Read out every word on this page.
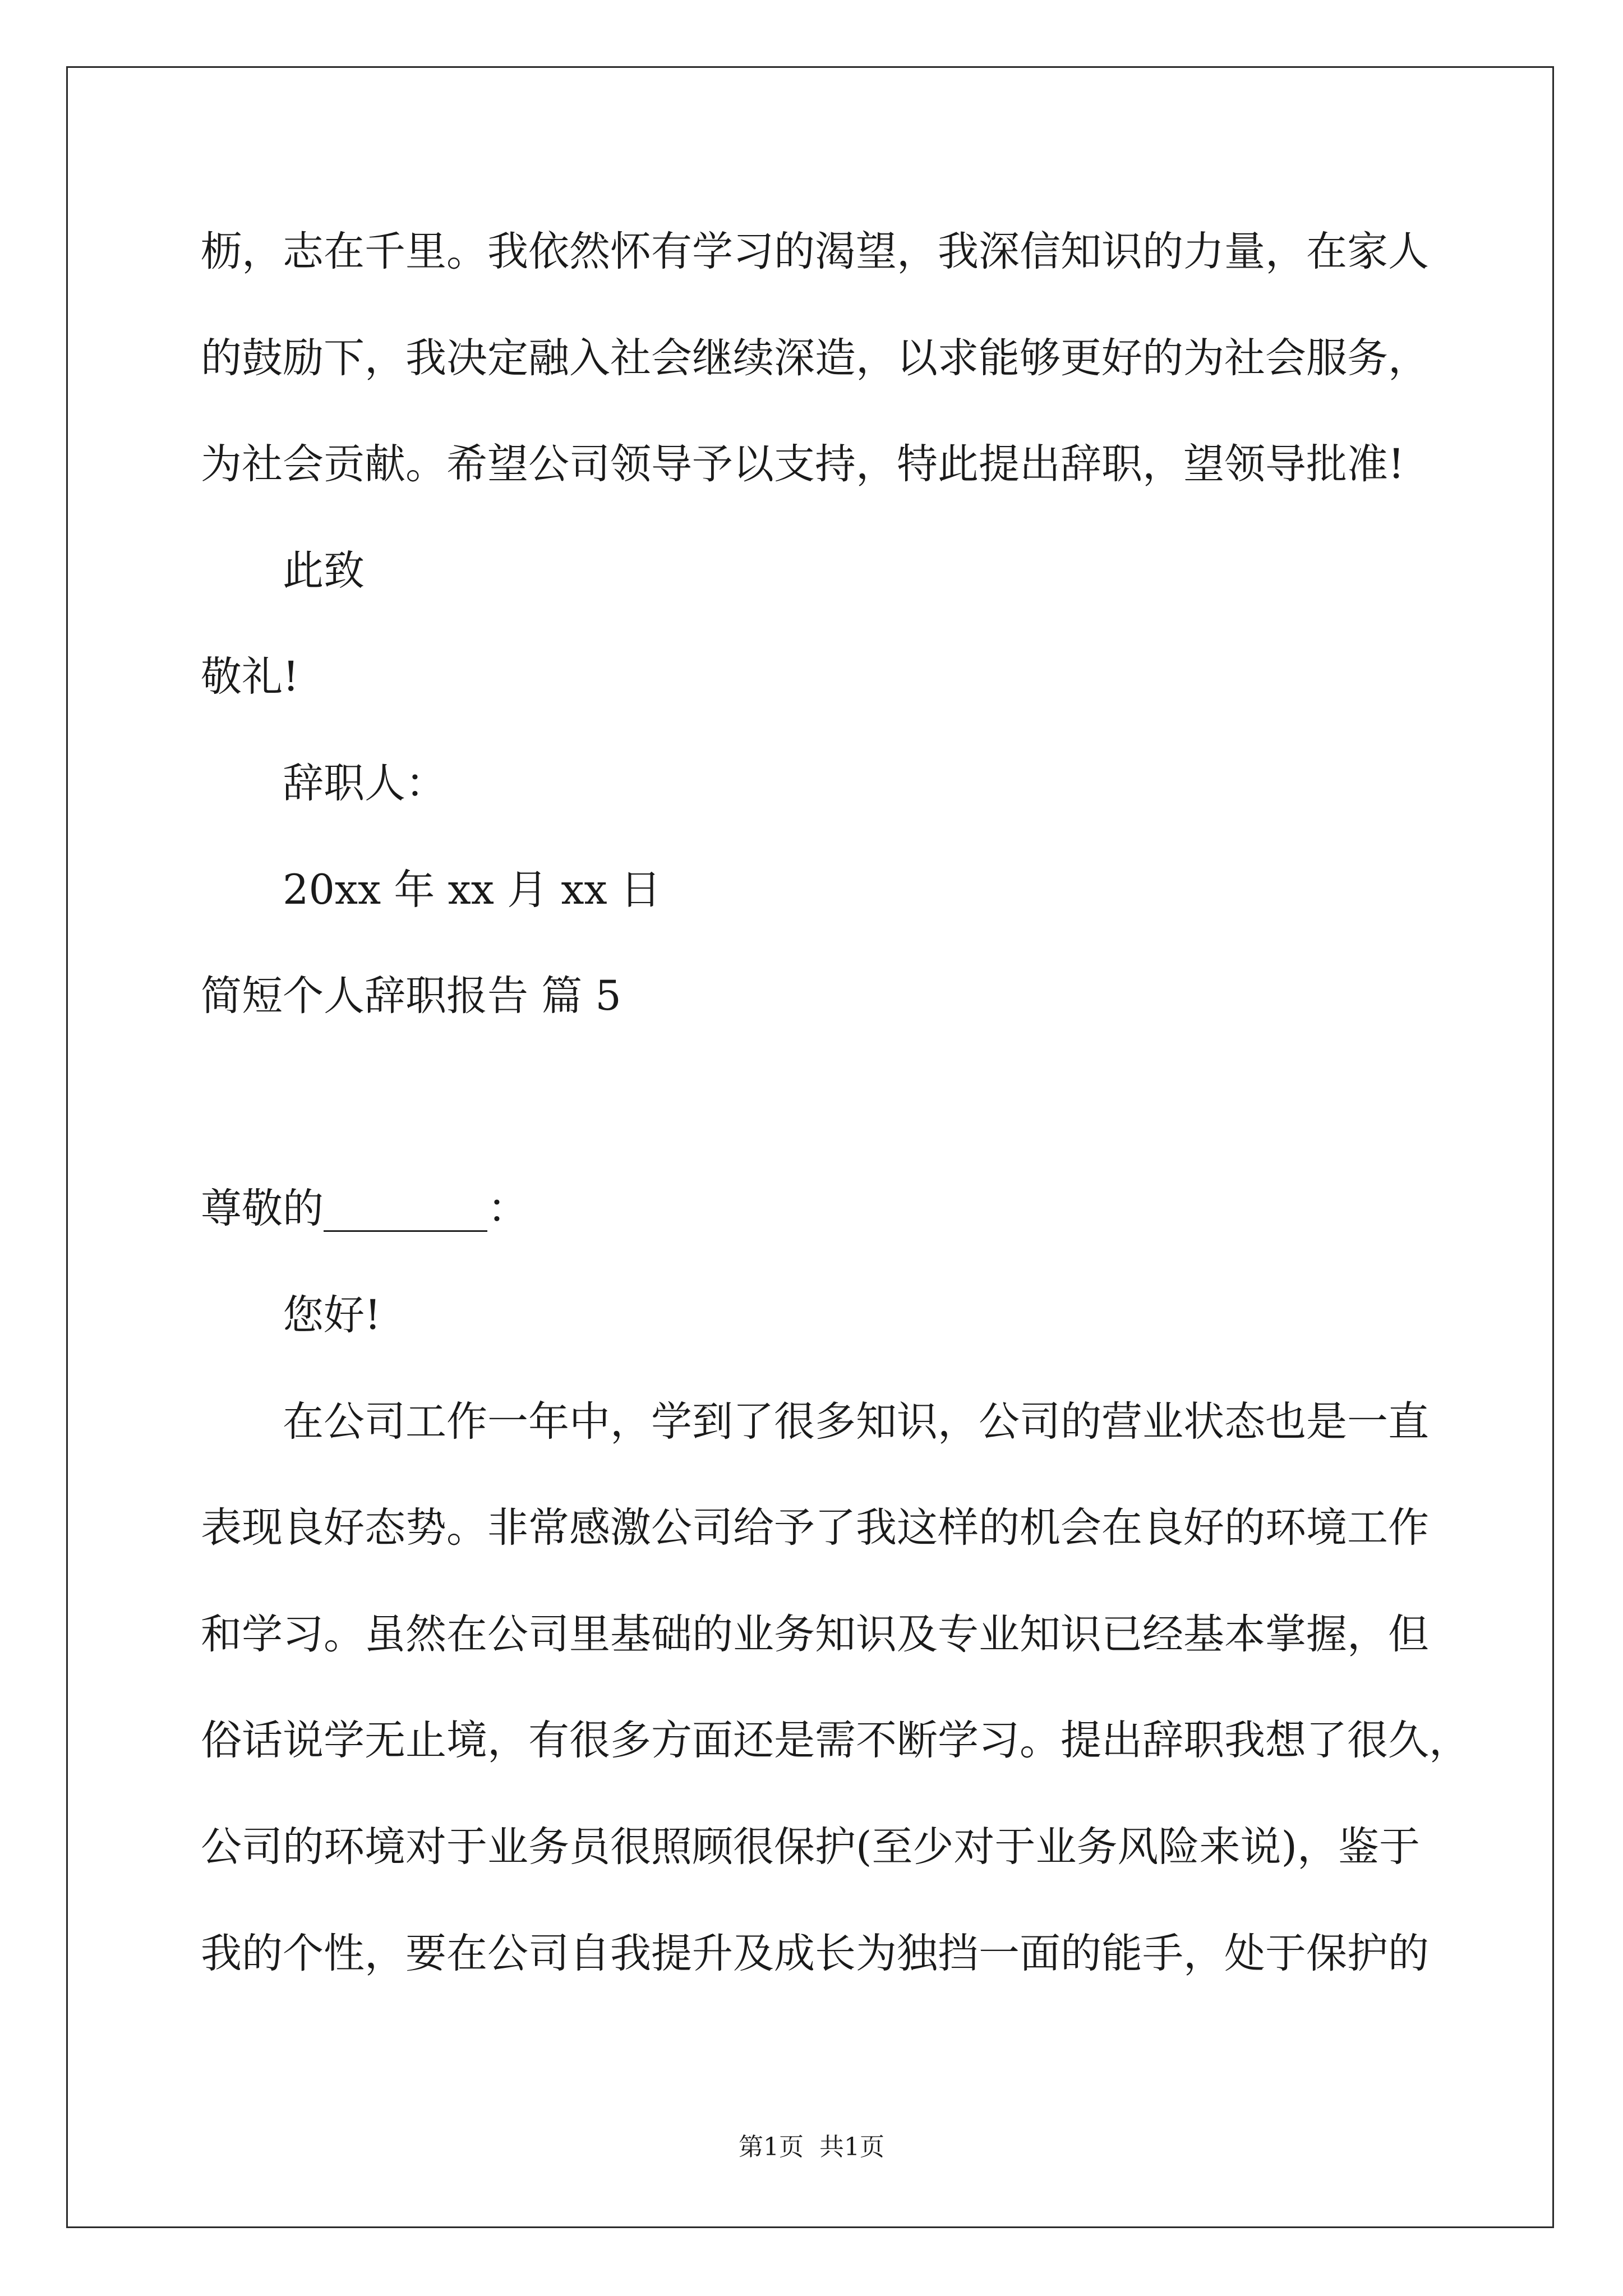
枥，志在千里。我依然怀有学习的渴望，我深信知识的力量，在家人
的鼓励下，我决定融入社会继续深造，以求能够更好的为社会服务，
为社会贡献。希望公司领导予以支持，特此提出辞职，望领导批准!
此致
敬礼!
辞职人：
20xx 年 xx 月 xx 日
简短个人辞职报告 篇 5
尊敬的________：
您好!
在公司工作一年中，学到了很多知识，公司的营业状态也是一直
表现良好态势。非常感激公司给予了我这样的机会在良好的环境工作
和学习。虽然在公司里基础的业务知识及专业知识已经基本掌握，但
俗话说学无止境，有很多方面还是需不断学习。提出辞职我想了很久，
公司的环境对于业务员很照顾很保护(至少对于业务风险来说)，鉴于
我的个性，要在公司自我提升及成长为独挡一面的能手，处于保护的
第1页  共1页
